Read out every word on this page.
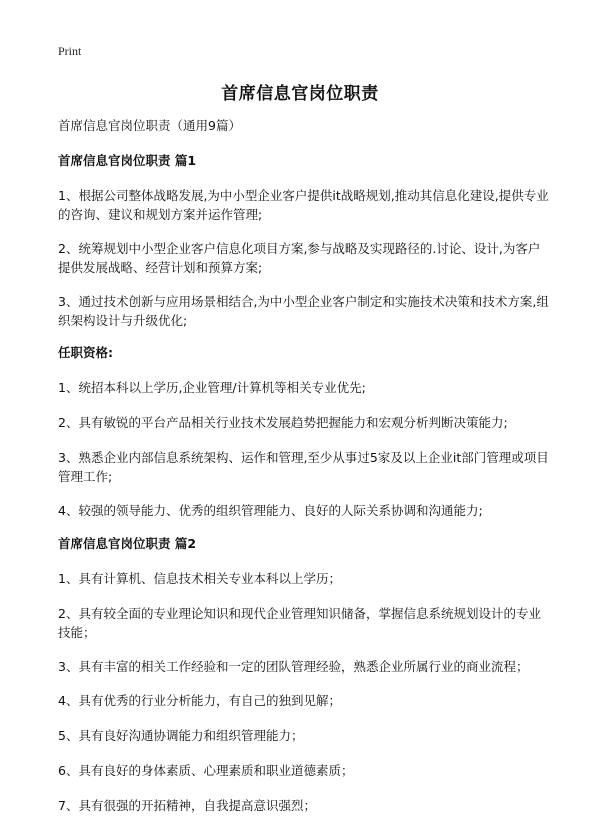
Print
首席信息官岗位职责

首席信息官岗位职责（通用9篇）

首席信息官岗位职责 篇1

1、根据公司整体战略发展,为中小型企业客户提供it战略规划,推动其信息化建设,提供专业的咨询、建议和规划方案并运作管理;

2、统筹规划中小型企业客户信息化项目方案,参与战略及实现路径的.讨论、设计,为客户提供发展战略、经营计划和预算方案;

3、通过技术创新与应用场景相结合,为中小型企业客户制定和实施技术决策和技术方案,组织架构设计与升级优化;

任职资格:

1、统招本科以上学历,企业管理/计算机等相关专业优先;

2、具有敏锐的平台产品相关行业技术发展趋势把握能力和宏观分析判断决策能力;

3、熟悉企业内部信息系统架构、运作和管理,至少从事过5家及以上企业it部门管理或项目管理工作;

4、较强的领导能力、优秀的组织管理能力、良好的人际关系协调和沟通能力;

首席信息官岗位职责 篇2

1、具有计算机、信息技术相关专业本科以上学历；

2、具有较全面的专业理论知识和现代企业管理知识储备，掌握信息系统规划设计的专业技能；

3、具有丰富的相关工作经验和一定的团队管理经验，熟悉企业所属行业的商业流程；

4、具有优秀的行业分析能力，有自己的独到见解；

5、具有良好沟通协调能力和组织管理能力；

6、具有良好的身体素质、心理素质和职业道德素质；

7、具有很强的开拓精神，自我提高意识强烈；
